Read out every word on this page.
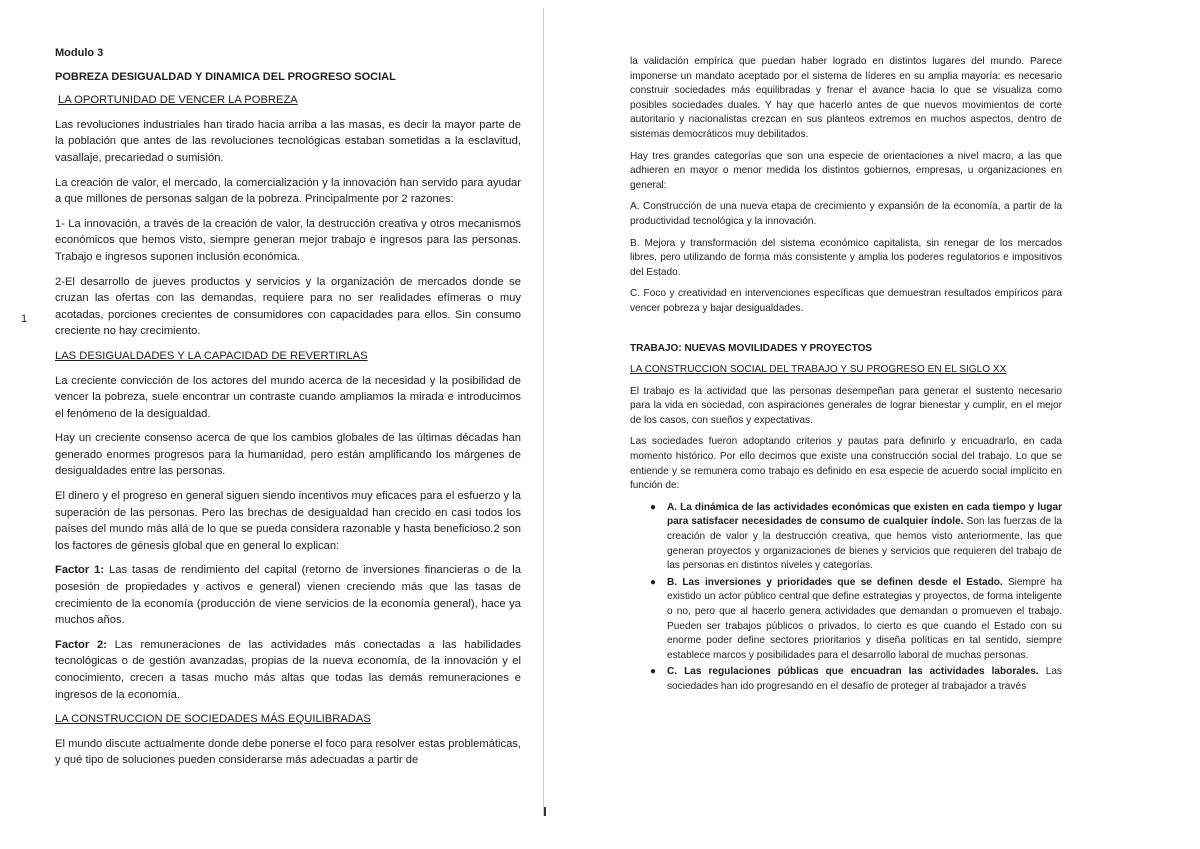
1

Modulo 3

POBREZA DESIGUALDAD Y DINAMICA DEL PROGRESO SOCIAL

LA OPORTUNIDAD DE VENCER LA POBREZA

Las revoluciones industriales han tirado hacia arriba a las masas, es decir la mayor parte de la población que antes de las revoluciones tecnológicas estaban sometidas a la esclavitud, vasallaje, precariedad o sumisión.

La creación de valor, el mercado, la comercialización y la innovación han servido para ayudar a que millones de personas salgan de la pobreza. Principalmente por 2 razones:

1- La innovación, a través de la creación de valor, la destrucción creativa y otros mecanismos económicos que hemos visto, siempre generan mejor trabajo e ingresos para las personas. Trabajo e ingresos suponen inclusión económica.

2-El desarrollo de jueves productos y servicios y la organización de mercados donde se cruzan las ofertas con las demandas, requiere para no ser realidades efímeras o muy acotadas, porciones crecientes de consumidores con capacidades para ellos. Sin consumo creciente no hay crecimiento.

LAS DESIGUALDADES Y LA CAPACIDAD DE REVERTIRLAS

La creciente convicción de los actores del mundo acerca de la necesidad y la posibilidad de vencer la pobreza, suele encontrar un contraste cuando ampliamos la mirada e introducimos el fenómeno de la desigualdad.

Hay un creciente consenso acerca de que los cambios globales de las últimas décadas han generado enormes progresos para la humanidad, pero están amplificando los márgenes de desigualdades entre las personas.

El dinero y el progreso en general siguen siendo incentivos muy eficaces para el esfuerzo y la superación de las personas. Pero las brechas de desigualdad han crecido en casi todos los países del mundo más allá de lo que se pueda considera razonable y hasta beneficioso.2 son los factores de génesis global que en general lo explican:

Factor 1: Las tasas de rendimiento del capital (retorno de inversiones financieras o de la posesión de propiedades y activos e general) vienen creciendo más que las tasas de crecimiento de la economía (producción de viene servicios de la economía general), hace ya muchos años.

Factor 2: Las remuneraciones de las actividades más conectadas a las habilidades tecnológicas o de gestión avanzadas, propias de la nueva economía, de la innovación y el conocimiento, crecen a tasas mucho más altas que todas las demás remuneraciones e ingresos de la economía.

LA CONSTRUCCION DE SOCIEDADES MÁS EQUILIBRADAS

El mundo discute actualmente donde debe ponerse el foco para resolver estas problemáticas, y qué tipo de soluciones pueden considerarse más adecuadas a partir de

la validación empírica que puedan haber logrado en distintos lugares del mundo. Parece imponerse un mandato aceptado por el sistema de líderes en su amplia mayoría: es necesario construir sociedades más equilibradas y frenar el avance hacia lo que se visualiza como posibles sociedades duales. Y hay que hacerlo antes de que nuevos movimientos de corte autoritario y nacionalistas crezcan en sus planteos extremos en muchos aspectos, dentro de sistemas democráticos muy debilitados.

Hay tres grandes categorías que son una especie de orientaciones a nivel macro, a las que adhieren en mayor o menor medida los distintos gobiernos, empresas, u organizaciones en general:

A. Construcción de una nueva etapa de crecimiento y expansión de la economía, a partir de la productividad tecnológica y la innovación.

B. Mejora y transformación del sistema económico capitalista, sin renegar de los mercados libres, pero utilizando de forma más consistente y amplia los poderes regulatorios e impositivos del Estado.

C. Foco y creatividad en intervenciones específicas que demuestran resultados empíricos para vencer pobreza y bajar desigualdades.

TRABAJO: NUEVAS MOVILIDADES Y PROYECTOS

LA CONSTRUCCION SOCIAL DEL TRABAJO Y SU PROGRESO EN EL SIGLO XX

El trabajo es la actividad que las personas desempeñan para generar el sustento necesario para la vida en sociedad, con aspiraciones generales de lograr bienestar y cumplir, en el mejor de los casos, con sueños y expectativas.

Las sociedades fueron adoptando criterios y pautas para definirlo y encuadrarlo, en cada momento histórico. Por ello decimos que existe una construcción social del trabajo. Lo que se entiende y se remunera como trabajo es definido en esa especie de acuerdo social implícito en función de:

● A. La dinámica de las actividades económicas que existen en cada tiempo y lugar para satisfacer necesidades de consumo de cualquier índole. Son las fuerzas de la creación de valor y la destrucción creativa, que hemos visto anteriormente, las que generan proyectos y organizaciones de bienes y servicios que requieren del trabajo de las personas en distintos niveles y categorías.
● B. Las inversiones y prioridades que se definen desde el Estado. Siempre ha existido un actor público central que define estrategias y proyectos, de forma inteligente o no, pero que al hacerlo genera actividades que demandan o promueven el trabajo. Pueden ser trabajos públicos o privados, lo cierto es que cuando el Estado con su enorme poder define sectores prioritarios y diseña políticas en tal sentido, siempre establece marcos y posibilidades para el desarrollo laboral de muchas personas.
● C. Las regulaciones públicas que encuadran las actividades laborales. Las sociedades han ido progresando en el desafío de proteger al trabajador a través
